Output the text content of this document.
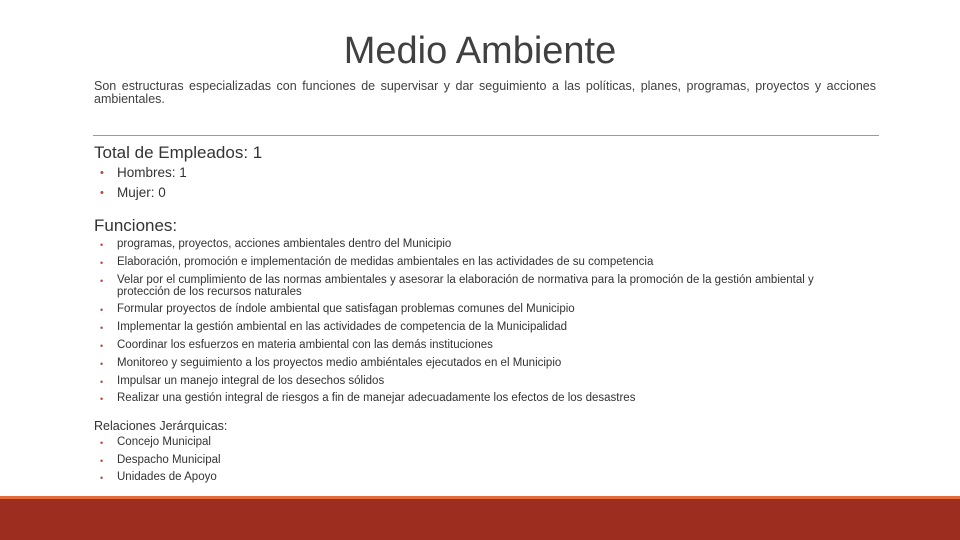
Medio Ambiente
Son estructuras especializadas con funciones de supervisar y dar seguimiento a las políticas, planes, programas, proyectos y acciones ambientales.
Total de Empleados: 1
• Hombres: 1
• Mujer: 0
Funciones:
• programas, proyectos, acciones ambientales dentro del Municipio
• Elaboración, promoción e implementación de medidas ambientales en las actividades de su competencia
• Velar por el cumplimiento de las normas ambientales y asesorar la elaboración de normativa para la promoción de la gestión ambiental y protección de los recursos naturales
• Formular proyectos de índole ambiental que satisfagan problemas comunes del Municipio
• Implementar la gestión ambiental en las actividades de competencia de la Municipalidad
• Coordinar los esfuerzos en materia ambiental con las demás instituciones
• Monitoreo y seguimiento a los proyectos medio ambiéntales ejecutados en el Municipio
• Impulsar un manejo integral de los desechos sólidos
• Realizar una gestión integral de riesgos a fin de manejar adecuadamente los efectos de los desastres
Relaciones Jerárquicas:
• Concejo Municipal
• Despacho Municipal
• Unidades de Apoyo
